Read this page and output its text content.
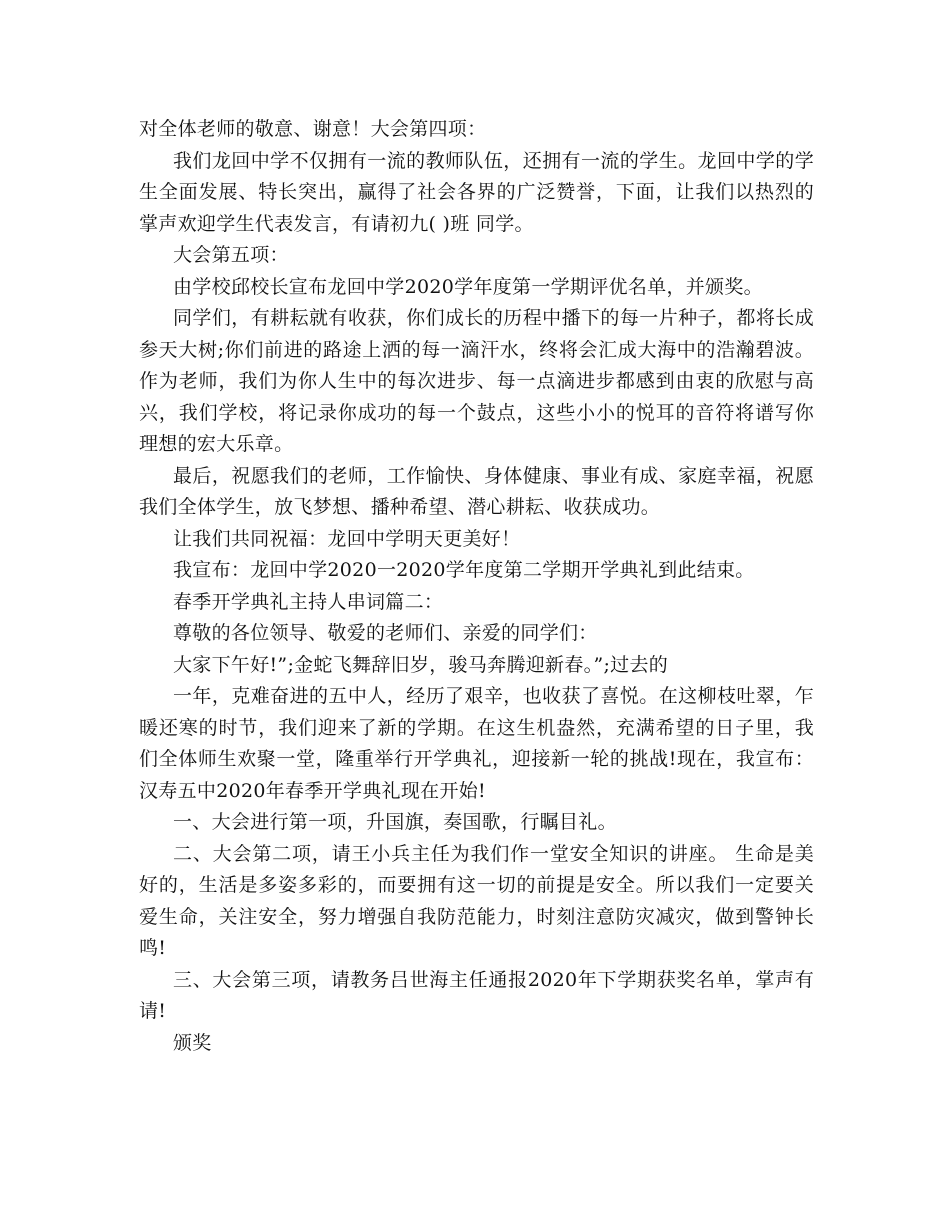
对全体老师的敬意、谢意！大会第四项：

我们龙回中学不仅拥有一流的教师队伍，还拥有一流的学生。龙回中学的学生全面发展、特长突出，赢得了社会各界的广泛赞誉，下面，让我们以热烈的掌声欢迎学生代表发言，有请初九( )班 同学。

大会第五项：

由学校邱校长宣布龙回中学2020学年度第一学期评优名单，并颁奖。

同学们，有耕耘就有收获，你们成长的历程中播下的每一片种子，都将长成参天大树;你们前进的路途上洒的每一滴汗水，终将会汇成大海中的浩瀚碧波。作为老师，我们为你人生中的每次进步、每一点滴进步都感到由衷的欣慰与高兴，我们学校，将记录你成功的每一个鼓点，这些小小的悦耳的音符将谱写你理想的宏大乐章。

最后，祝愿我们的老师，工作愉快、身体健康、事业有成、家庭幸福，祝愿我们全体学生，放飞梦想、播种希望、潜心耕耘、收获成功。

让我们共同祝福：龙回中学明天更美好！

我宣布：龙回中学2020一2020学年度第二学期开学典礼到此结束。

春季开学典礼主持人串词篇二：

尊敬的各位领导、敬爱的老师们、亲爱的同学们：

大家下午好!”;金蛇飞舞辞旧岁，骏马奔腾迎新春。”;过去的

一年，克难奋进的五中人，经历了艰辛，也收获了喜悦。在这柳枝吐翠，乍暖还寒的时节，我们迎来了新的学期。在这生机盎然，充满希望的日子里，我们全体师生欢聚一堂，隆重举行开学典礼，迎接新一轮的挑战!现在，我宣布：汉寿五中2020年春季开学典礼现在开始!

一、大会进行第一项，升国旗，奏国歌，行瞩目礼。

二、大会第二项，请王小兵主任为我们作一堂安全知识的讲座。 生命是美好的，生活是多姿多彩的，而要拥有这一切的前提是安全。所以我们一定要关爱生命，关注安全，努力增强自我防范能力，时刻注意防灾减灾，做到警钟长鸣!

三、大会第三项，请教务吕世海主任通报2020年下学期获奖名单，掌声有请!

颁奖
